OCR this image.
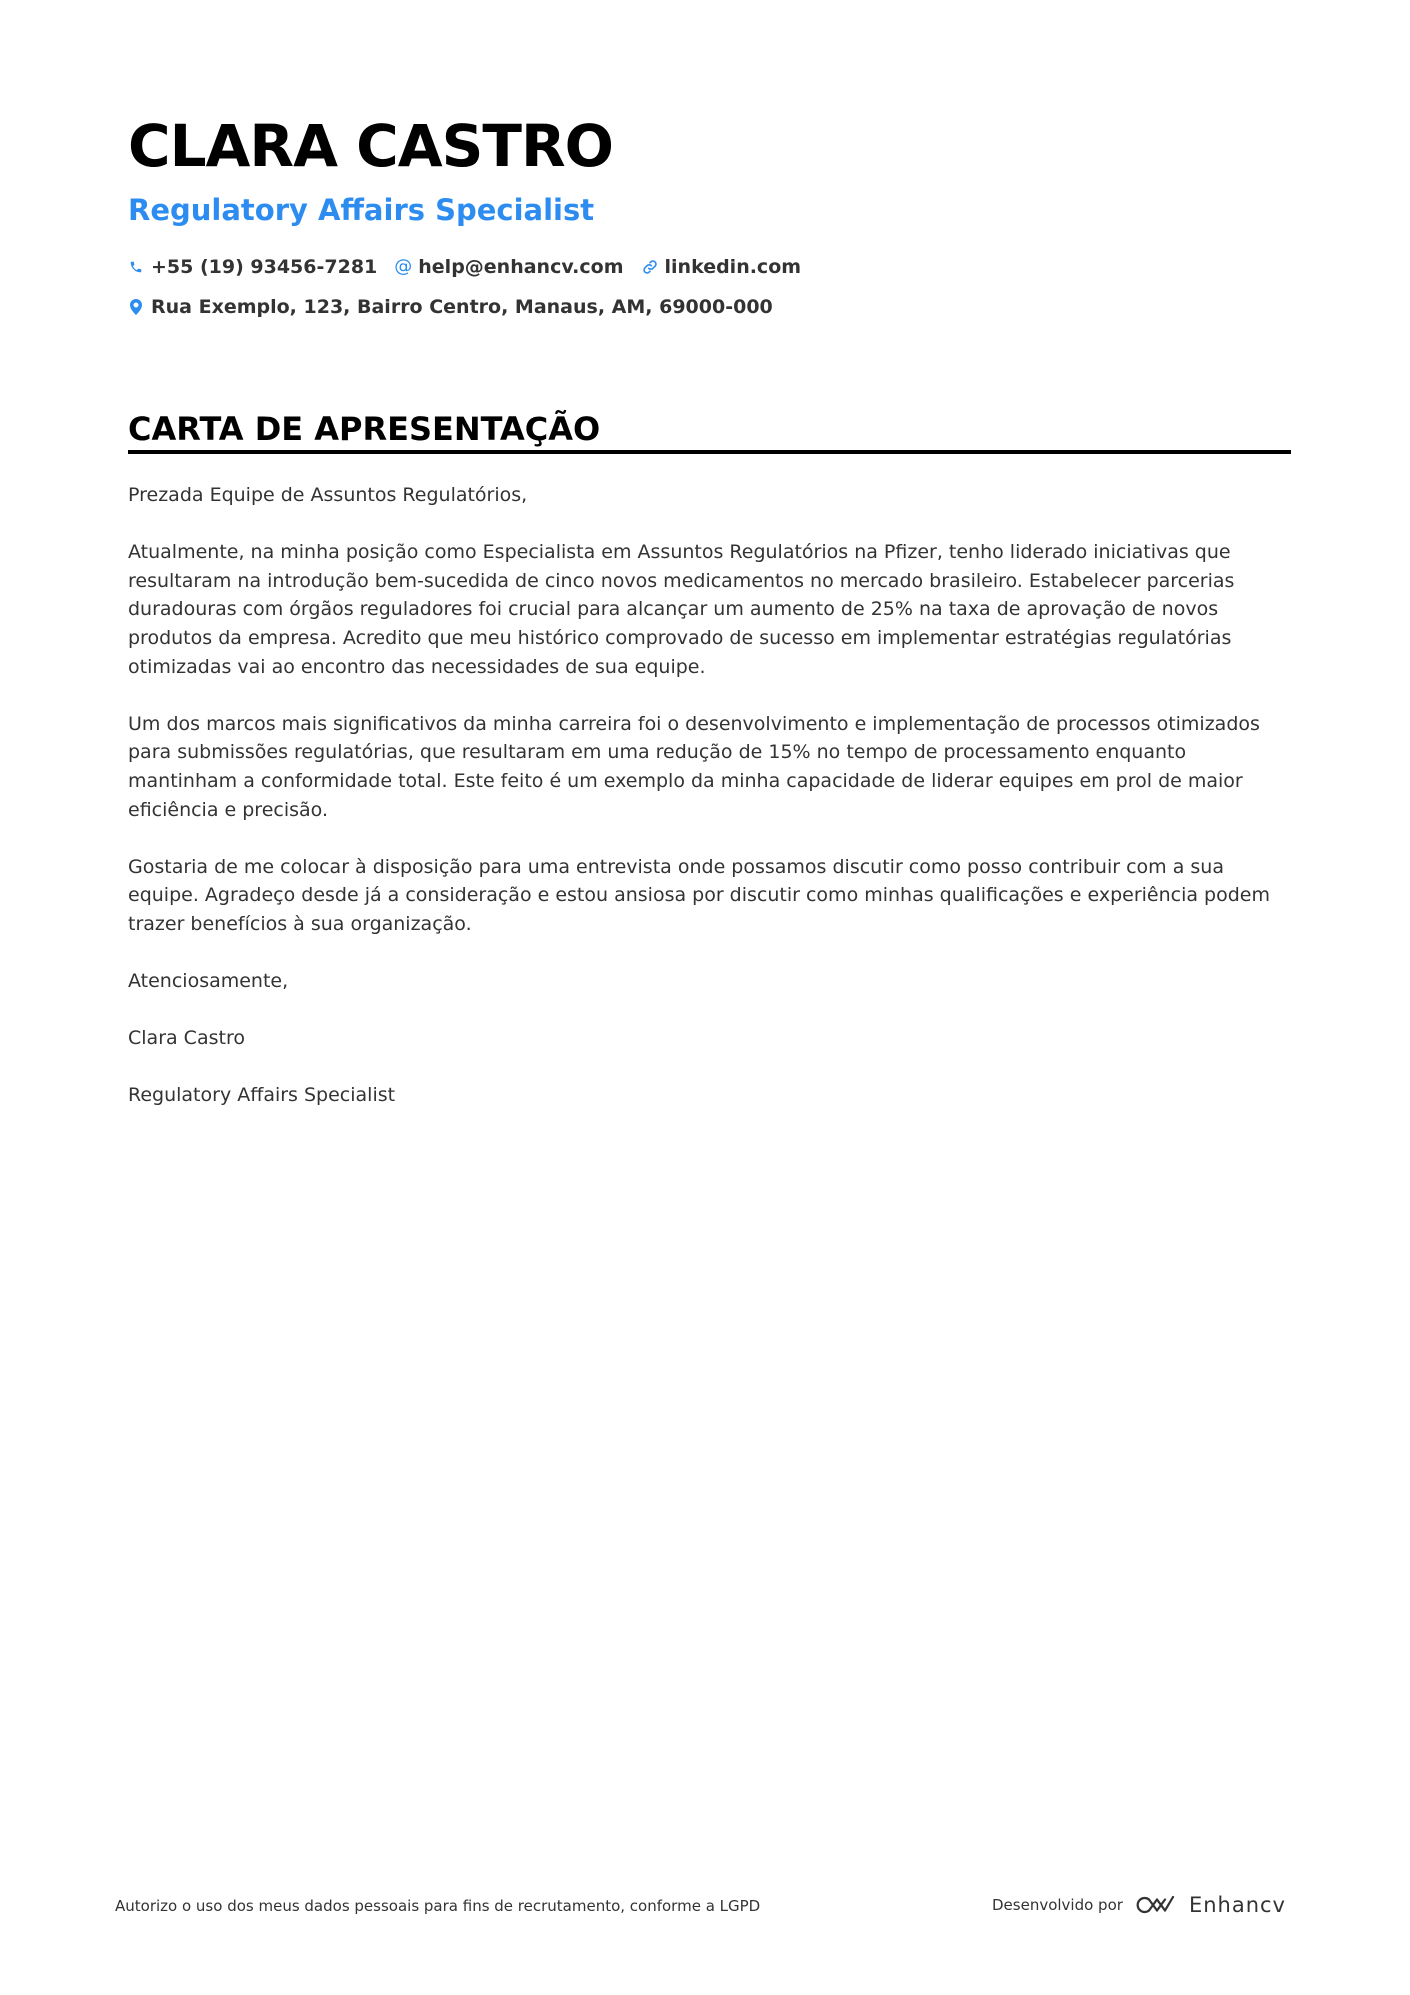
CLARA CASTRO
Regulatory Affairs Specialist
+55 (19) 93456-7281 @ help@enhancv.com linkedin.com
Rua Exemplo, 123, Bairro Centro, Manaus, AM, 69000-000
CARTA DE APRESENTAÇÃO

Prezada Equipe de Assuntos Regulatórios,

Atualmente, na minha posição como Especialista em Assuntos Regulatórios na Pfizer, tenho liderado iniciativas que resultaram na introdução bem-sucedida de cinco novos medicamentos no mercado brasileiro. Estabelecer parcerias duradouras com órgãos reguladores foi crucial para alcançar um aumento de 25% na taxa de aprovação de novos produtos da empresa. Acredito que meu histórico comprovado de sucesso em implementar estratégias regulatórias otimizadas vai ao encontro das necessidades de sua equipe.

Um dos marcos mais significativos da minha carreira foi o desenvolvimento e implementação de processos otimizados para submissões regulatórias, que resultaram em uma redução de 15% no tempo de processamento enquanto mantinham a conformidade total. Este feito é um exemplo da minha capacidade de liderar equipes em prol de maior eficiência e precisão.

Gostaria de me colocar à disposição para uma entrevista onde possamos discutir como posso contribuir com a sua equipe. Agradeço desde já a consideração e estou ansiosa por discutir como minhas qualificações e experiência podem trazer benefícios à sua organização.

Atenciosamente,

Clara Castro

Regulatory Affairs Specialist

Autorizo o uso dos meus dados pessoais para fins de recrutamento, conforme a LGPD	Desenvolvido por	Enhancv
